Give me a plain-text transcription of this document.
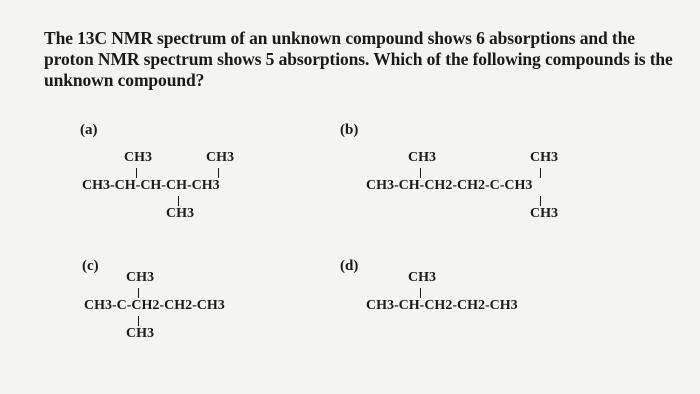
The 13C NMR spectrum of an unknown compound shows 6 absorptions and the
proton NMR spectrum shows 5 absorptions. Which of the following compounds is the
unknown compound?
(a)
CH3	CH3
CH3-CH-CH-CH-CH3
CH3
(b)
CH3	CH3
CH3-CH-CH2-CH2-C-CH3
CH3
(c)
CH3
CH3-C-CH2-CH2-CH3
CH3
(d)
CH3
CH3-CH-CH2-CH2-CH3
